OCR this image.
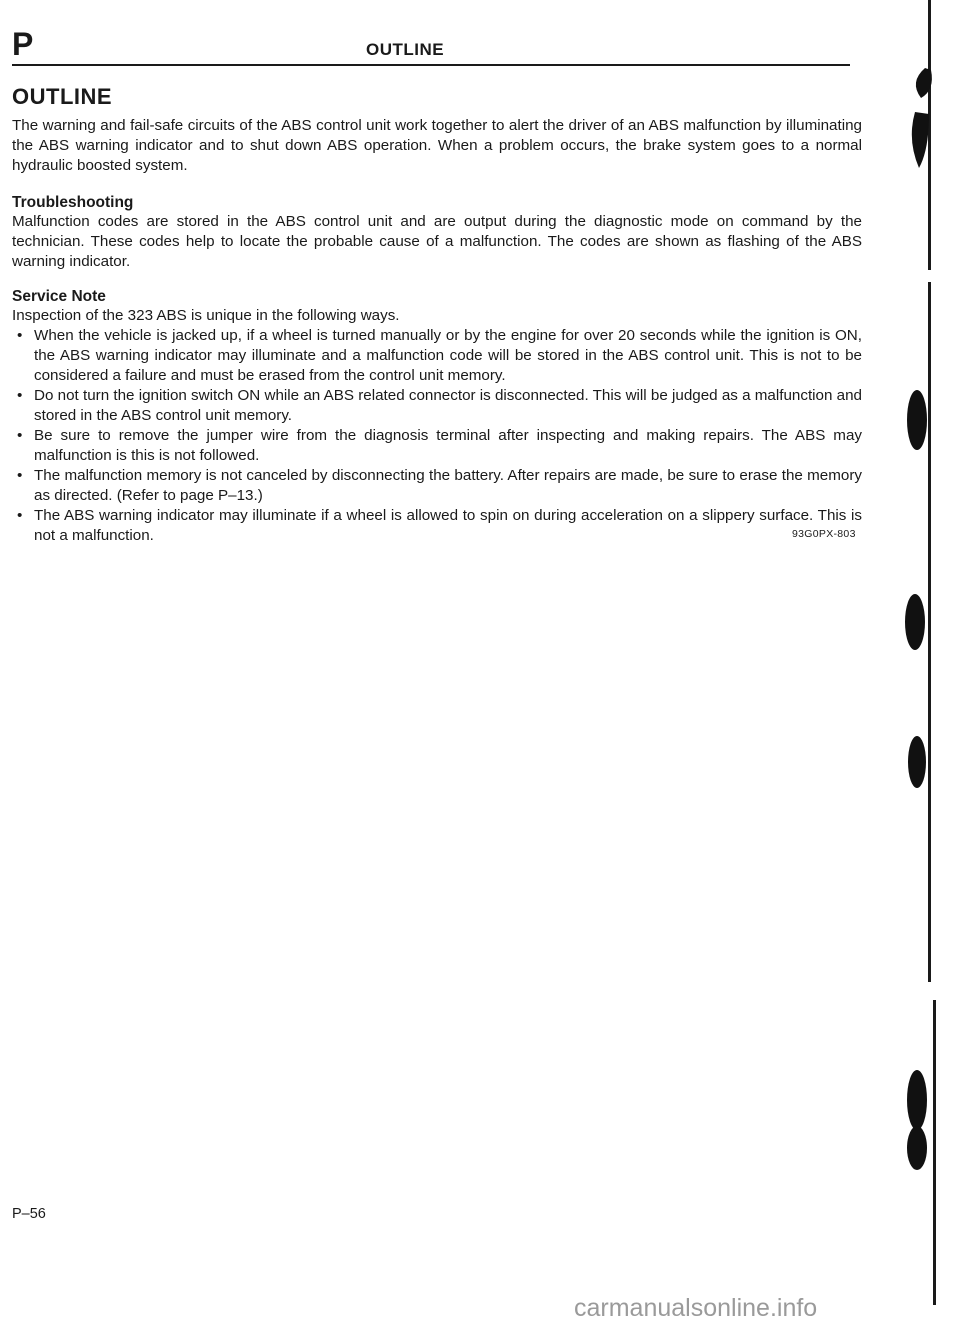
P	OUTLINE
OUTLINE
The warning and fail-safe circuits of the ABS control unit work together to alert the driver of an ABS malfunction by illuminating the ABS warning indicator and to shut down ABS operation. When a problem occurs, the brake system goes to a normal hydraulic boosted system.
Troubleshooting
Malfunction codes are stored in the ABS control unit and are output during the diagnostic mode on command by the technician. These codes help to locate the probable cause of a malfunction. The codes are shown as flashing of the ABS warning indicator.
Service Note
Inspection of the 323 ABS is unique in the following ways.
• When the vehicle is jacked up, if a wheel is turned manually or by the engine for over 20 seconds while the ignition is ON, the ABS warning indicator may illuminate and a malfunction code will be stored in the ABS control unit. This is not to be considered a failure and must be erased from the control unit memory.
• Do not turn the ignition switch ON while an ABS related connector is disconnected. This will be judged as a malfunction and stored in the ABS control unit memory.
• Be sure to remove the jumper wire from the diagnosis terminal after inspecting and making repairs. The ABS may malfunction is this is not followed.
• The malfunction memory is not canceled by disconnecting the battery. After repairs are made, be sure to erase the memory as directed. (Refer to page P–13.)
• The ABS warning indicator may illuminate if a wheel is allowed to spin on during acceleration on a slippery surface. This is not a malfunction.	93G0PX-803
P–56
carmanualsonline.info
